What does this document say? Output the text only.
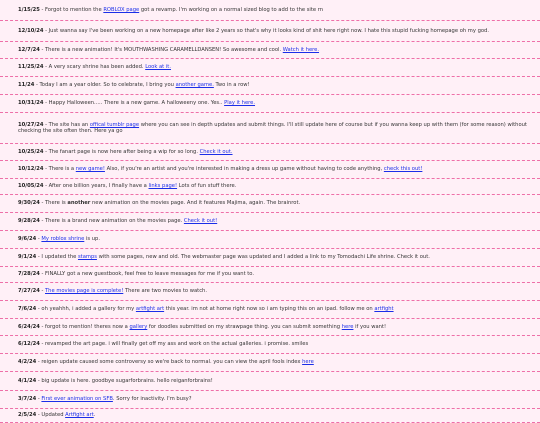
1/15/25 - Forgot to mention the ROBLOX page got a revamp. I'm working on a normal sized blog to add to the site rn
12/10/24 - Just wanna say I've been working on a new homepage after like 2 years so that's why it looks kind of shit here right now. I hate this stupid fucking homepage oh my god.
12/7/24 - There is a new animation! It's MOUTHWASHING CARAMELLDANSEN! So awesome and cool. Watch it here.
11/25/24 - A very scary shrine has been added. Look at it.
11/24 - Today I am a year older. So to celebrate, I bring you another game. Two in a row!
10/31/24 - Happy Halloween..... There is a new game. A halloweeny one. Yes.. Play it here.
10/27/24 - The site has an offical tumblr page where you can see in depth updates and submit things. I'll still update here of course but if you wanna keep up with them (for some reason) without checking the site often then. Here ya go
10/25/24 - The fanart page is now here after being a wip for so long. Check it out.
10/12/24 - There is a new game! Also, if you're an artist and you're interested in making a dress up game without having to code anything, check this out!
10/05/24 - After one billion years, I finally have a links page! Lots of fun stuff there.
9/30/24 - There is another new animation on the movies page. And it features Majima, again. The brainrot.
9/28/24 - There is a brand new animation on the movies page. Check it out!
9/6/24 - My roblox shrine is up.
9/1/24 - I updated the stamps with some pages, new and old. The webmaster page was updated and I added a link to my Tomodachi Life shrine. Check it out.
7/28/24 - FINALLY got a new guestbook, feel free to leave messages for me if you want to.
7/27/24 - The movies page is complete! There are two movies to watch.
7/6/24 - oh yeahhh, i added a gallery for my artfight art this year. im not at home right now so i am typing this on an ipad. follow me on artfight
6/24/24 - forgot to mention! theres now a gallery for doodles submitted on my strawpage thing. you can submit something here if you want!
6/12/24 - revamped the art page. i will finally get off my ass and work on the actual galleries. i promise. smiles
4/2/24 - reigen update caused some controversy so we're back to normal. you can view the april fools index here
4/1/24 - big update is here. goodbye sugarforbrains. hello reiganforbrains!
3/7/24 - First ever animation on SFB. Sorry for inactivity. I'm busy?
2/5/24 - Updated Artfight art.
